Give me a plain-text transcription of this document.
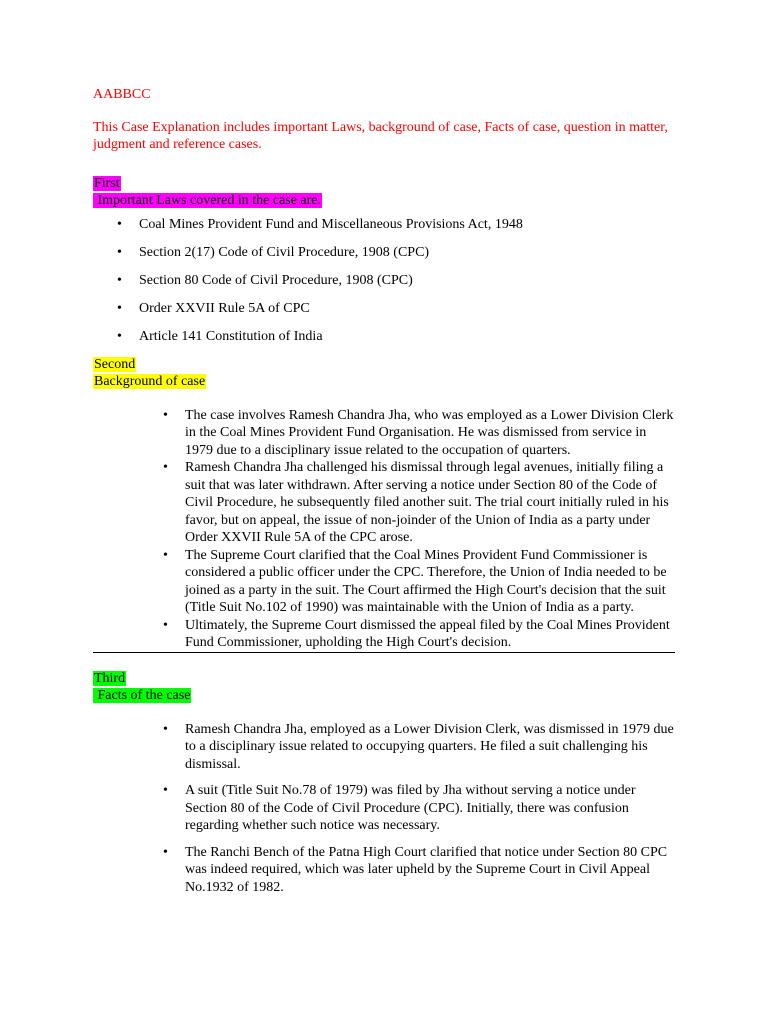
AABBCC

This Case Explanation includes important Laws, background of case, Facts of case, question in matter, judgment and reference cases.

First
Important Laws covered in the case are.
• Coal Mines Provident Fund and Miscellaneous Provisions Act, 1948
• Section 2(17) Code of Civil Procedure, 1908 (CPC)
• Section 80 Code of Civil Procedure, 1908 (CPC)
• Order XXVII Rule 5A of CPC
• Article 141 Constitution of India
Second
Background of case
• The case involves Ramesh Chandra Jha, who was employed as a Lower Division Clerk in the Coal Mines Provident Fund Organisation. He was dismissed from service in 1979 due to a disciplinary issue related to the occupation of quarters.
• Ramesh Chandra Jha challenged his dismissal through legal avenues, initially filing a suit that was later withdrawn. After serving a notice under Section 80 of the Code of Civil Procedure, he subsequently filed another suit. The trial court initially ruled in his favor, but on appeal, the issue of non-joinder of the Union of India as a party under Order XXVII Rule 5A of the CPC arose.
• The Supreme Court clarified that the Coal Mines Provident Fund Commissioner is considered a public officer under the CPC. Therefore, the Union of India needed to be joined as a party in the suit. The Court affirmed the High Court's decision that the suit (Title Suit No.102 of 1990) was maintainable with the Union of India as a party.
• Ultimately, the Supreme Court dismissed the appeal filed by the Coal Mines Provident Fund Commissioner, upholding the High Court's decision.
Third
Facts of the case
• Ramesh Chandra Jha, employed as a Lower Division Clerk, was dismissed in 1979 due to a disciplinary issue related to occupying quarters. He filed a suit challenging his dismissal.
• A suit (Title Suit No.78 of 1979) was filed by Jha without serving a notice under Section 80 of the Code of Civil Procedure (CPC). Initially, there was confusion regarding whether such notice was necessary.
• The Ranchi Bench of the Patna High Court clarified that notice under Section 80 CPC was indeed required, which was later upheld by the Supreme Court in Civil Appeal No.1932 of 1982.
